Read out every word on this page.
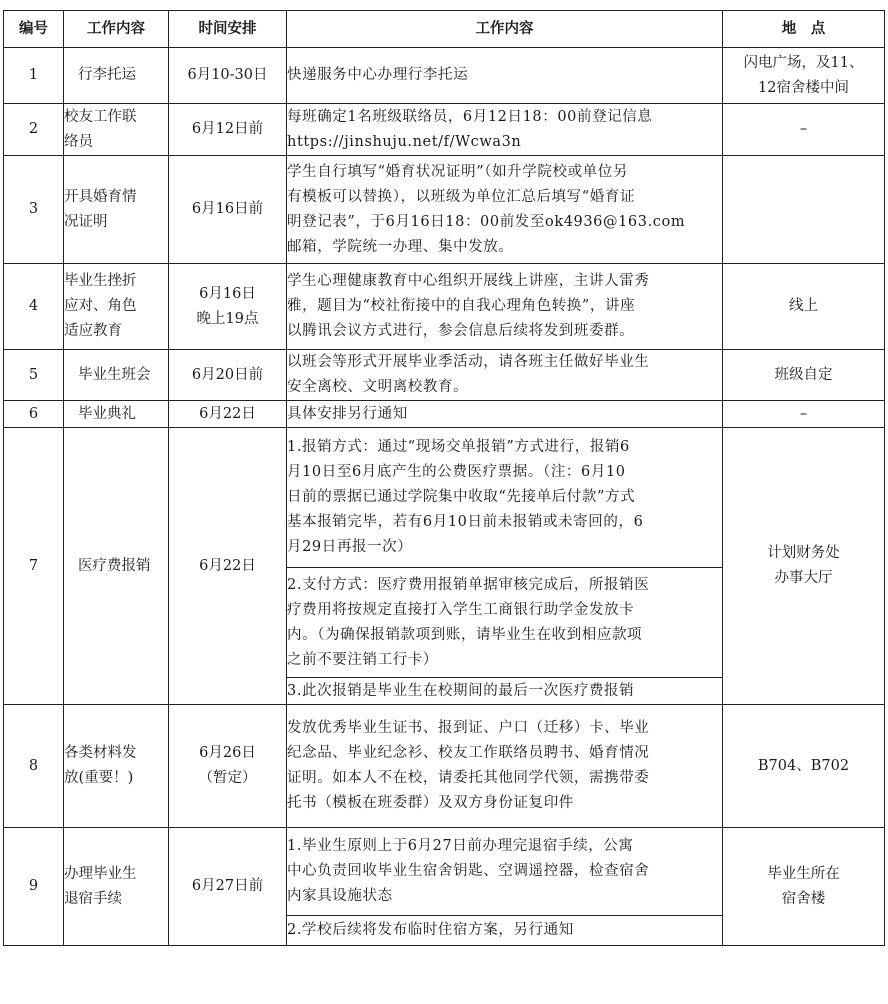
编号	工作内容	时间安排	工作内容	地　点
1	行李托运	6月10-30日	快递服务中心办理行李托运	闪电广场，及11、
12宿舍楼中间

2	校友工作联
络员	6月12日前	每班确定1名班级联络员，6月12日18：00前登记信息
https://jinshuju.net/f/Wcwa3n	–
3	开具婚育情
况证明	6月16日前	学生自行填写“婚育状况证明”（如升学院校或单位另
有模板可以替换），以班级为单位汇总后填写“婚育证
明登记表”，于6月16日18：00前发至ok4936@163.com
邮箱，学院统一办理、集中发放。	

4	毕业生挫折
应对、角色
适应教育	6月16日
晚上19点	学生心理健康教育中心组织开展线上讲座，主讲人雷秀
雅，题目为“校社衔接中的自我心理角色转换”，讲座
以腾讯会议方式进行，参会信息后续将发到班委群。	线上
5	毕业生班会	6月20日前	以班会等形式开展毕业季活动，请各班主任做好毕业生
安全离校、文明离校教育。	班级自定
6	毕业典礼	6月22日	具体安排另行通知	–
7	医疗费报销	6月22日	1.报销方式：通过“现场交单报销”方式进行，报销6
月10日至6月底产生的公费医疗票据。（注：6月10
日前的票据已通过学院集中收取“先接单后付款”方式
基本报销完毕，若有6月10日前未报销或未寄回的，6
月29日再报一次）	计划财务处
办事大厅

			2.支付方式：医疗费用报销单据审核完成后，所报销医
疗费用将按规定直接打入学生工商银行助学金发放卡
内。（为确保报销款项到账，请毕业生在收到相应款项
之前不要注销工行卡）	

			3.此次报销是毕业生在校期间的最后一次医疗费报销	

8	各类材料发
放(重要！)	6月26日
（暂定）	发放优秀毕业生证书、报到证、户口（迁移）卡、毕业
纪念品、毕业纪念衫、校友工作联络员聘书、婚育情况
证明。如本人不在校，请委托其他同学代领，需携带委
托书（模板在班委群）及双方身份证复印件	B704、B702
9	办理毕业生
退宿手续	6月27日前	1.毕业生原则上于6月27日前办理完退宿手续，公寓
中心负责回收毕业生宿舍钥匙、空调遥控器，检查宿舍
内家具设施状态	毕业生所在
宿舍楼

			2.学校后续将发布临时住宿方案，另行通知	
